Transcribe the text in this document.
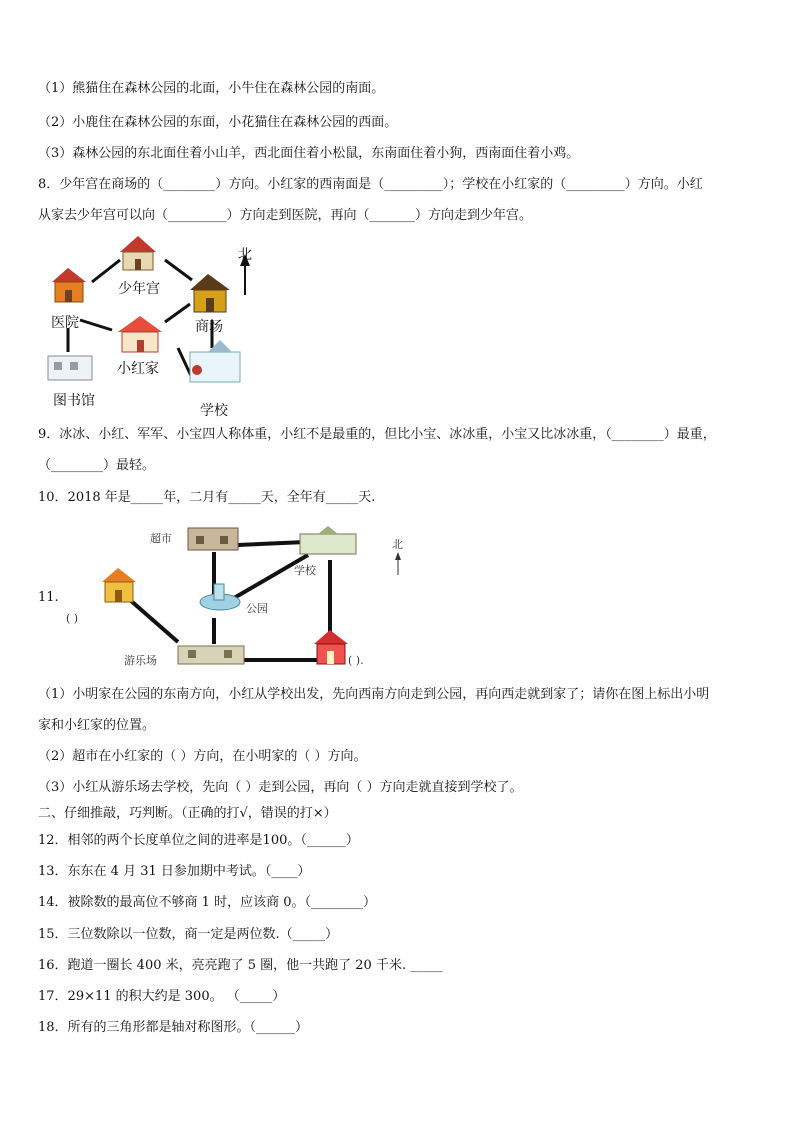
（1）熊猫住在森林公园的北面，小牛住在森林公园的南面。
（2）小鹿住在森林公园的东面，小花猫住在森林公园的西面。
（3）森林公园的东北面住着小山羊，西北面住着小松鼠，东南面住着小狗，西南面住着小鸡。
8．少年宫在商场的（________）方向。小红家的西南面是（_________）；学校在小红家的（_________）方向。小红
从家去少年宫可以向（_________）方向走到医院，再向（_______）方向走到少年宫。
北
少年宫
医院
小红家
商场
图书馆
学校
9．冰冰、小红、军军、小宝四人称体重，小红不是最重的，但比小宝、冰冰重，小宝又比冰冰重，（________）最重，
（________）最轻。
10．2018 年是_____年，二月有_____天，全年有_____天.
超市	北
学校
公园
游乐场
( )
( ).
11.
（1）小明家在公园的东南方向，小红从学校出发，先向西南方向走到公园，再向西走就到家了；请你在图上标出小明
家和小红家的位置。
（2）超市在小红家的（ ）方向，在小明家的（ ）方向。
（3）小红从游乐场去学校，先向（ ）走到公园，再向（ ）方向走就直接到学校了。
二、仔细推敲，巧判断。（正确的打√，错误的打×）
12．相邻的两个长度单位之间的进率是100。（______）
13．东东在 4 月 31 日参加期中考试。（____）
14．被除数的最高位不够商 1 时，应该商 0。（________）
15．三位数除以一位数，商一定是两位数.（_____）
16．跑道一圈长 400 米，亮亮跑了 5 圈，他一共跑了 20 千米. _____
17．29×11 的积大约是 300。 （_____）
18．所有的三角形都是轴对称图形。（______）
